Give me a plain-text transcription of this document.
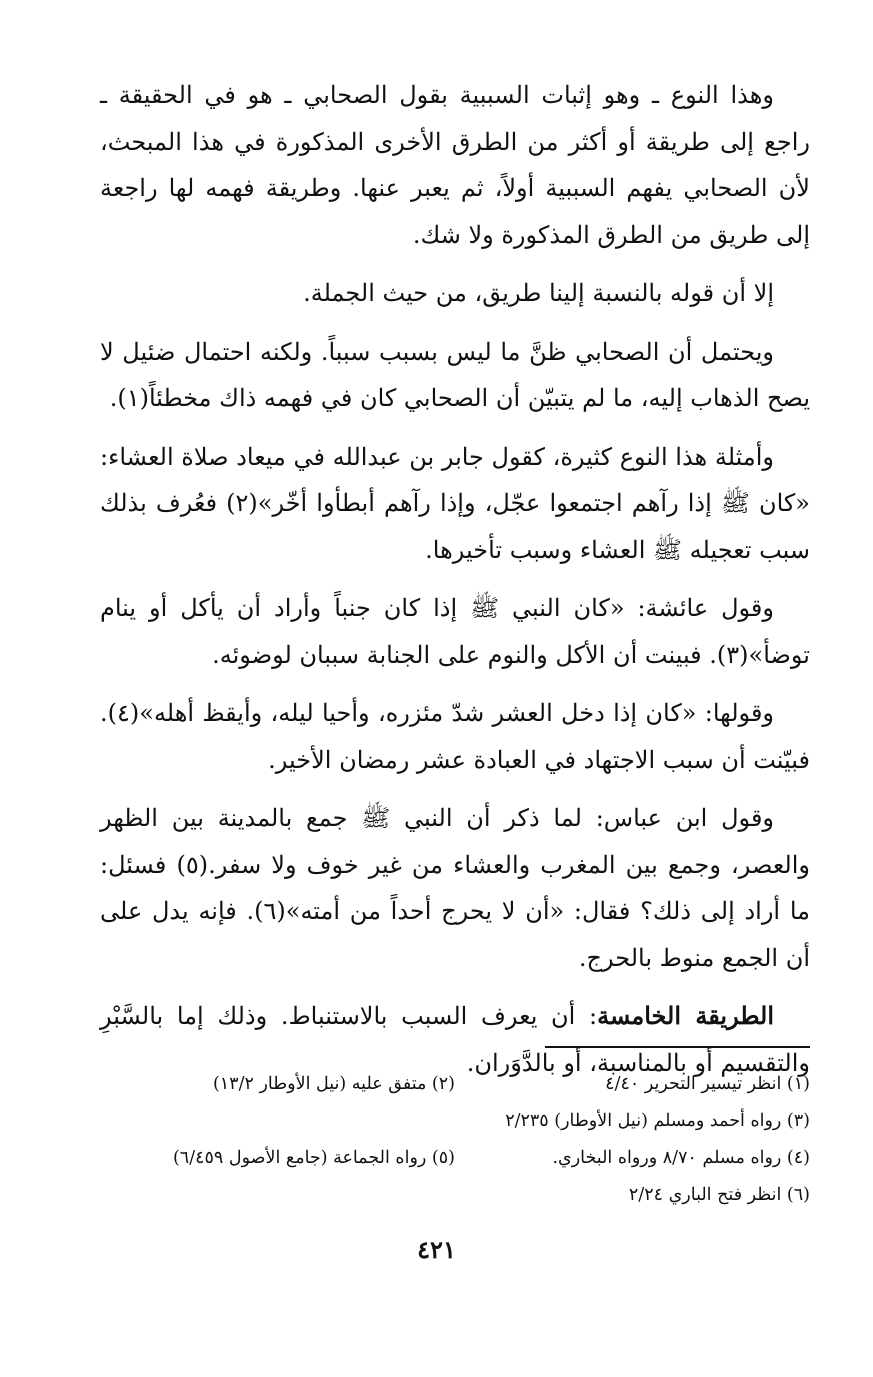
وهذا النوع ـ وهو إثبات السببية بقول الصحابي ـ هو في الحقيقة ـ راجع إلى طريقة أو أكثر من الطرق الأخرى المذكورة في هذا المبحث، لأن الصحابي يفهم السببية أولاً، ثم يعبر عنها. وطريقة فهمه لها راجعة إلى طريق من الطرق المذكورة ولا شك.

إلا أن قوله بالنسبة إلينا طريق، من حيث الجملة.

ويحتمل أن الصحابي ظنَّ ما ليس بسبب سبباً. ولكنه احتمال ضئيل لا يصح الذهاب إليه، ما لم يتبيّن أن الصحابي كان في فهمه ذاك مخطئاً(١).

وأمثلة هذا النوع كثيرة، كقول جابر بن عبدالله في ميعاد صلاة العشاء: «كان ﷺ إذا رآهم اجتمعوا عجّل، وإذا رآهم أبطأوا أخّر»(٢) فعُرف بذلك سبب تعجيله ﷺ العشاء وسبب تأخيرها.

وقول عائشة: «كان النبي ﷺ إذا كان جنباً وأراد أن يأكل أو ينام توضأ»(٣). فبينت أن الأكل والنوم على الجنابة سببان لوضوئه.

وقولها: «كان إذا دخل العشر شدّ مئزره، وأحيا ليله، وأيقظ أهله»(٤). فبيّنت أن سبب الاجتهاد في العبادة عشر رمضان الأخير.

وقول ابن عباس: لما ذكر أن النبي ﷺ جمع بالمدينة بين الظهر والعصر، وجمع بين المغرب والعشاء من غير خوف ولا سفر.(٥) فسئل: ما أراد إلى ذلك؟ فقال: «أن لا يحرج أحداً من أمته»(٦). فإنه يدل على أن الجمع منوط بالحرج.

الطريقة الخامسة: أن يعرف السبب بالاستنباط. وذلك إما بالسَّبْرِ والتقسيم أو بالمناسبة، أو بالدَّوَران.

(١) انظر تيسير التحرير ٤/٤٠
(٢) متفق عليه (نيل الأوطار ١٣/٢)
(٣) رواه أحمد ومسلم (نيل الأوطار) ٢/٢٣٥
(٤) رواه مسلم ٨/٧٠ ورواه البخاري.
(٥) رواه الجماعة (جامع الأصول ٦/٤٥٩)
(٦) انظر فتح الباري ٢/٢٤
٤٢١
